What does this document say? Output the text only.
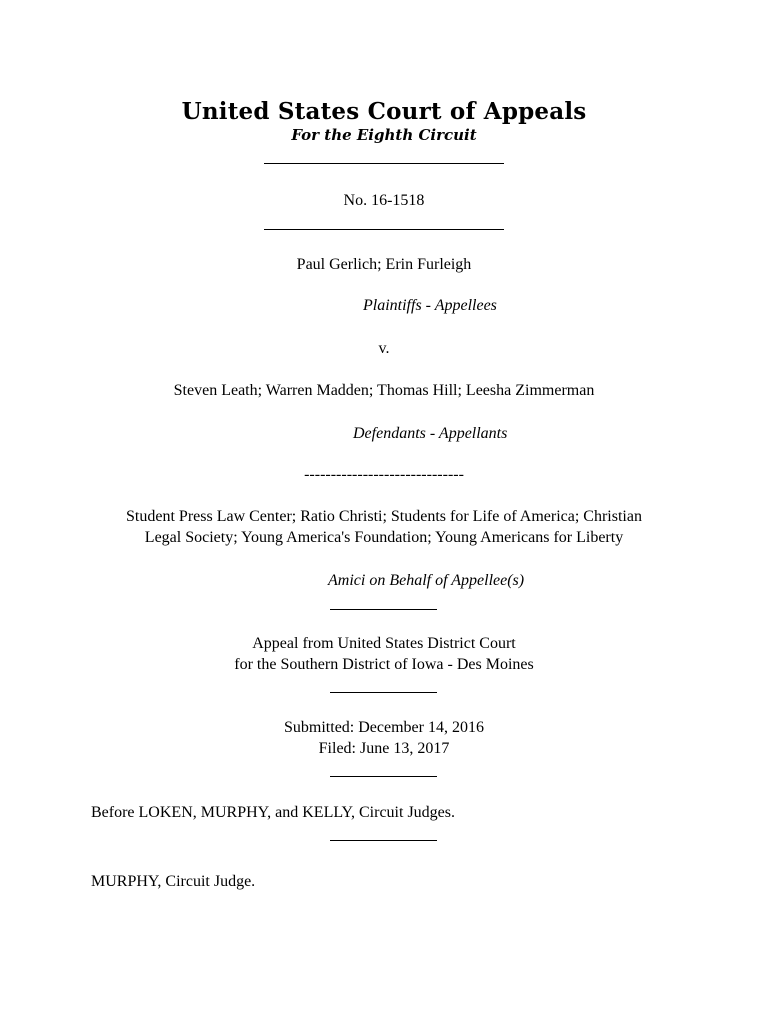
United States Court of Appeals
For the Eighth Circuit
No. 16-1518
Paul Gerlich; Erin Furleigh
Plaintiffs - Appellees
v.
Steven Leath; Warren Madden; Thomas Hill; Leesha Zimmerman
Defendants - Appellants
------------------------------
Student Press Law Center; Ratio Christi; Students for Life of America; Christian
Legal Society; Young America's Foundation; Young Americans for Liberty
Amici on Behalf of Appellee(s)
Appeal from United States District Court
for the Southern District of Iowa - Des Moines
Submitted: December 14, 2016
Filed: June 13, 2017
Before LOKEN, MURPHY, and KELLY, Circuit Judges.
MURPHY, Circuit Judge.
